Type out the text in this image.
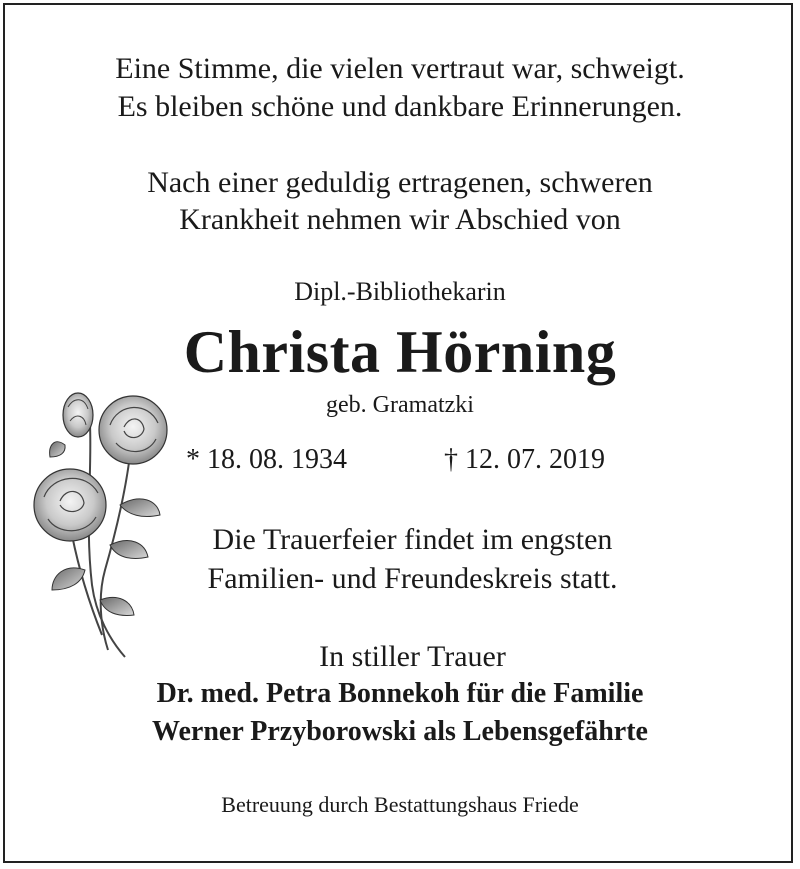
Eine Stimme, die vielen vertraut war, schweigt.
Es bleiben schöne und dankbare Erinnerungen.
Nach einer geduldig ertragenen, schweren
Krankheit nehmen wir Abschied von
Dipl.-Bibliothekarin
Christa Hörning
geb. Gramatzki
* 18. 08. 1934	† 12. 07. 2019
Die Trauerfeier findet im engsten
Familien- und Freundeskreis statt.
In stiller Trauer
Dr. med. Petra Bonnekoh für die Familie
Werner Przyborowski als Lebensgefährte
Betreuung durch Bestattungshaus Friede
